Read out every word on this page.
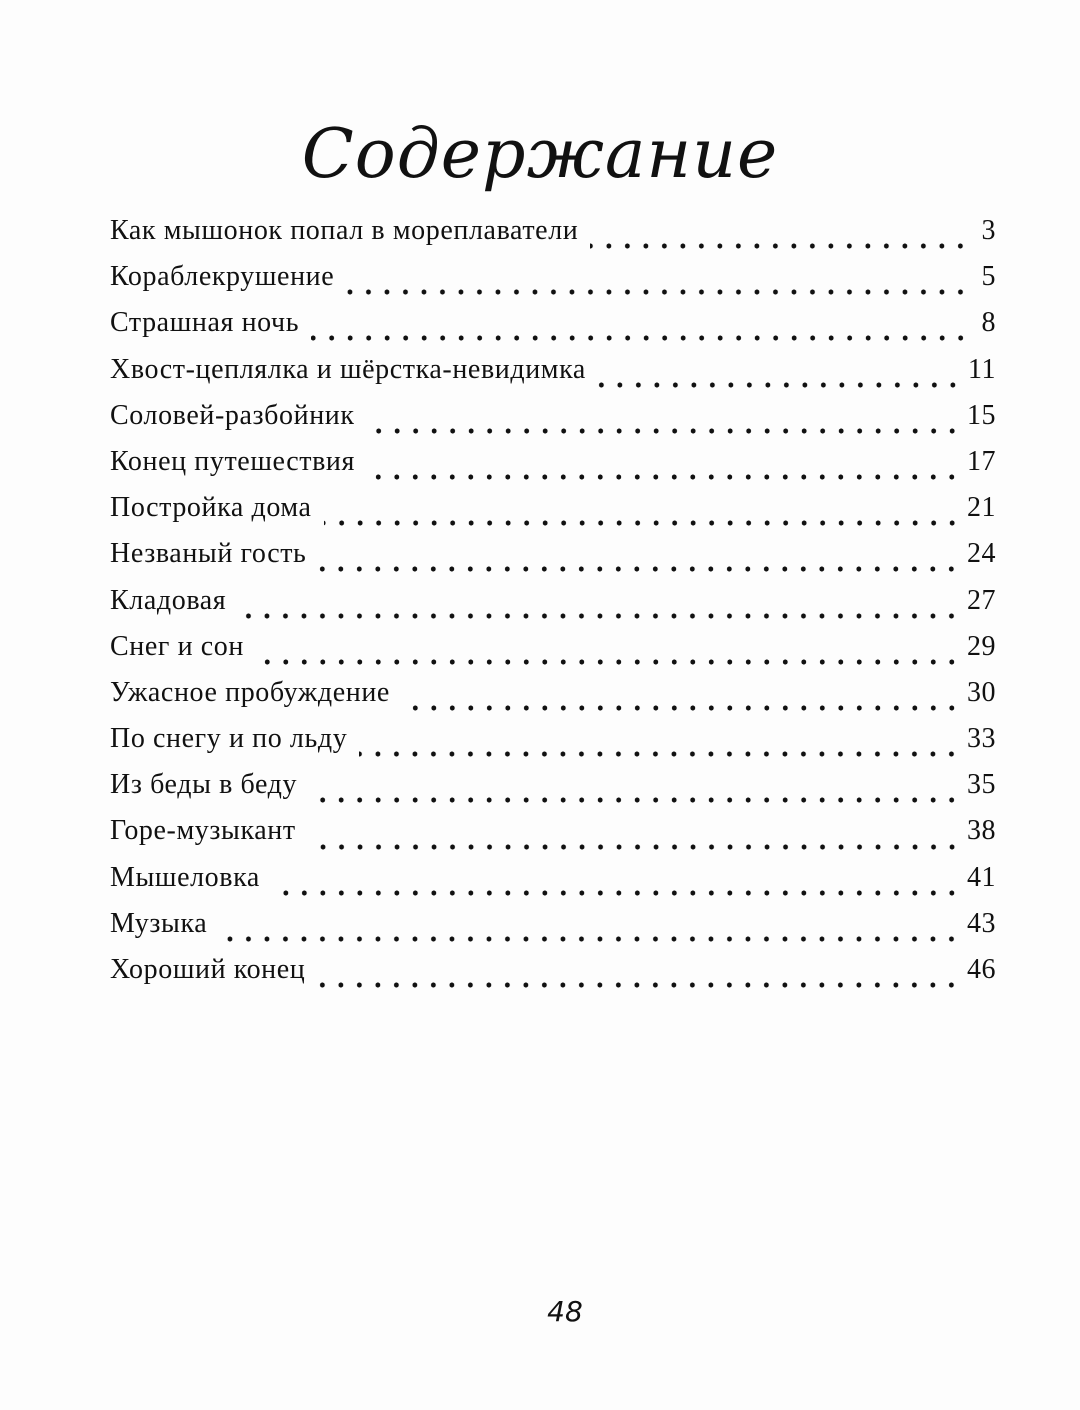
Содержание
Как мышонок попал в мореплаватели	3
Кораблекрушение	5
Страшная ночь	8
Хвост-цеплялка и шёрстка-невидимка	11
Соловей-разбойник	15
Конец путешествия	17
Постройка дома	21
Незваный гость	24
Кладовая	27
Снег и сон	29
Ужасное пробуждение	30
По снегу и по льду	33
Из беды в беду	35
Горе-музыкант	38
Мышеловка	41
Музыка	43
Хороший конец	46
48
